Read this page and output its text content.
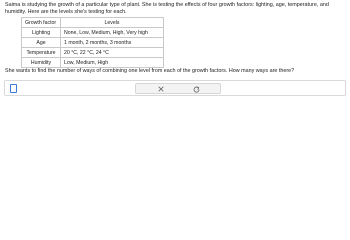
Saima is studying the growth of a particular type of plant. She is testing the effects of four growth factors: lighting, age, temperature, and humidity. Here are the levels she's testing for each.

Growth factor	Levels
Lighting	None, Low, Medium, High, Very high
Age	1 month, 2 months, 3 months
Temperature	20 °C, 22 °C, 24 °C
Humidity	Low, Medium, High

She wants to find the number of ways of combining one level from each of the growth factors. How many ways are there?
